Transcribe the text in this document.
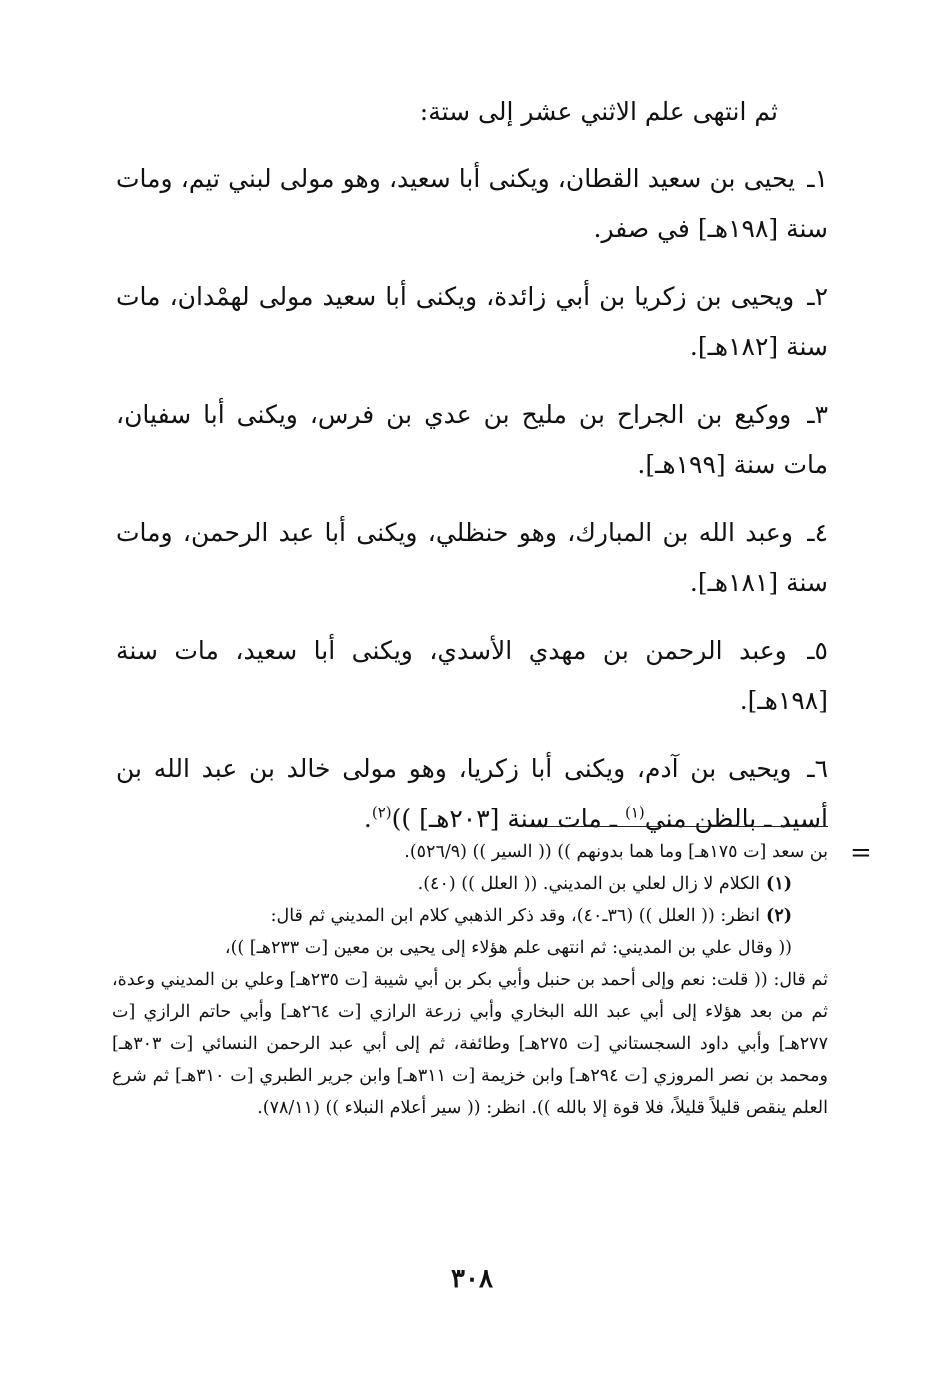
ثم انتهى علم الاثني عشر إلى ستة:

١ـ يحيى بن سعيد القطان، ويكنى أبا سعيد، وهو مولى لبني تيم، ومات سنة [١٩٨هـ] في صفر.

٢ـ ويحيى بن زكريا بن أبي زائدة، ويكنى أبا سعيد مولى لهمْدان، مات سنة [١٨٢هـ].

٣ـ ووكيع بن الجراح بن مليح بن عدي بن فرس، ويكنى أبا سفيان، مات سنة [١٩٩هـ].

٤ـ وعبد الله بن المبارك، وهو حنظلي، ويكنى أبا عبد الرحمن، ومات سنة [١٨١هـ].

٥ـ وعبد الرحمن بن مهدي الأسدي، ويكنى أبا سعيد، مات سنة [١٩٨هـ].

٦ـ ويحيى بن آدم، ويكنى أبا زكريا، وهو مولى خالد بن عبد الله بن أسيد ـ بالظن مني$^{(١)}$ ـ مات سنة [٢٠٣هـ] ))$^{(٢)}$.

=

بن سعد [ت ١٧٥هـ] وما هما بدونهم )) (( السير )) (٥٢٦/٩).

(١)الكلام لا زال لعلي بن المديني. (( العلل )) (٤٠).

(٢)انظر: (( العلل )) (٣٦ـ٤٠)، وقد ذكر الذهبي كلام ابن المديني ثم قال:

(( وقال علي بن المديني: ثم انتهى علم هؤلاء إلى يحيى بن معين [ت ٢٣٣هـ] ))،

ثم قال: (( قلت: نعم وإلى أحمد بن حنبل وأبي بكر بن أبي شيبة [ت ٢٣٥هـ] وعلي بن المديني وعدة، ثم من بعد هؤلاء إلى أبي عبد الله البخاري وأبي زرعة الرازي [ت ٢٦٤هـ] وأبي حاتم الرازي [ت ٢٧٧هـ] وأبي داود السجستاني [ت ٢٧٥هـ] وطائفة، ثم إلى أبي عبد الرحمن النسائي [ت ٣٠٣هـ] ومحمد بن نصر المروزي [ت ٢٩٤هـ] وابن خزيمة [ت ٣١١هـ] وابن جرير الطبري [ت ٣١٠هـ] ثم شرع العلم ينقص قليلاً قليلاً، فلا قوة إلا بالله )). انظر: (( سير أعلام النبلاء )) (٧٨/١١).

٣٠٨
